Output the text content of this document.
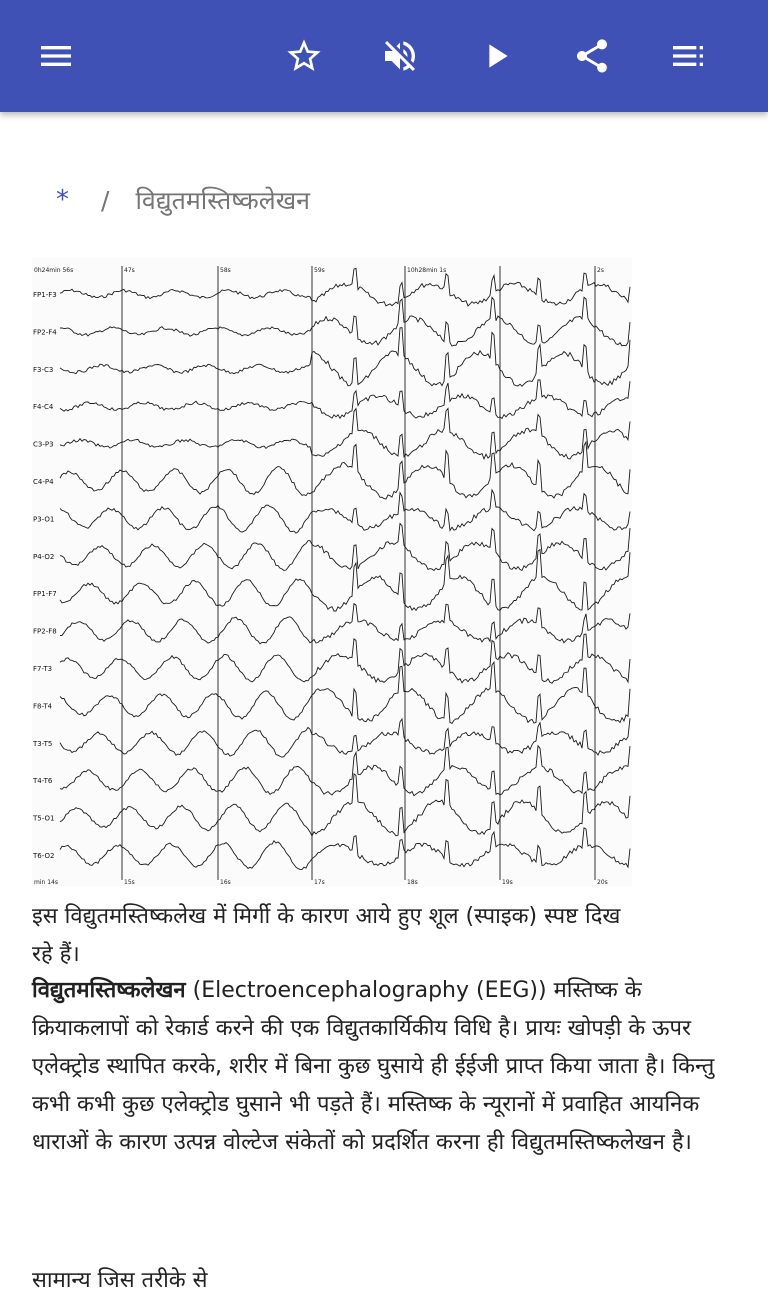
* / विद्युतमस्तिष्कलेखन
0h24min 56s	47s	58s	59s	10h28min 1s	2s
min 14s	15s	16s	17s	18s	19s	20s
FP1-F3
FP2-F4
F3-C3
F4-C4
C3-P3
C4-P4
P3-O1
P4-O2
FP1-F7
FP2-F8
F7-T3
F8-T4
T3-T5
T4-T6
T5-O1
T6-O2
इस विद्युतमस्तिष्कलेख में मिर्गी के कारण आये हुए शूल (स्पाइक) स्पष्ट दिख रहे हैं।
विद्युतमस्तिष्कलेखन (Electroencephalography (EEG)) मस्तिष्क के क्रियाकलापों को रेकार्ड करने की एक विद्युतकार्यिकीय विधि है। प्रायः खोपड़ी के ऊपर एलेक्ट्रोड स्थापित करके, शरीर में बिना कुछ घुसाये ही ईईजी प्राप्त किया जाता है। किन्तु कभी कभी कुछ एलेक्ट्रोड घुसाने भी पड़ते हैं। मस्तिष्क के न्यूरानों में प्रवाहित आयनिक धाराओं के कारण उत्पन्न वोल्टेज संकेतों को प्रदर्शित करना ही विद्युतमस्तिष्कलेखन है।
सामान्य जिस तरीके से
